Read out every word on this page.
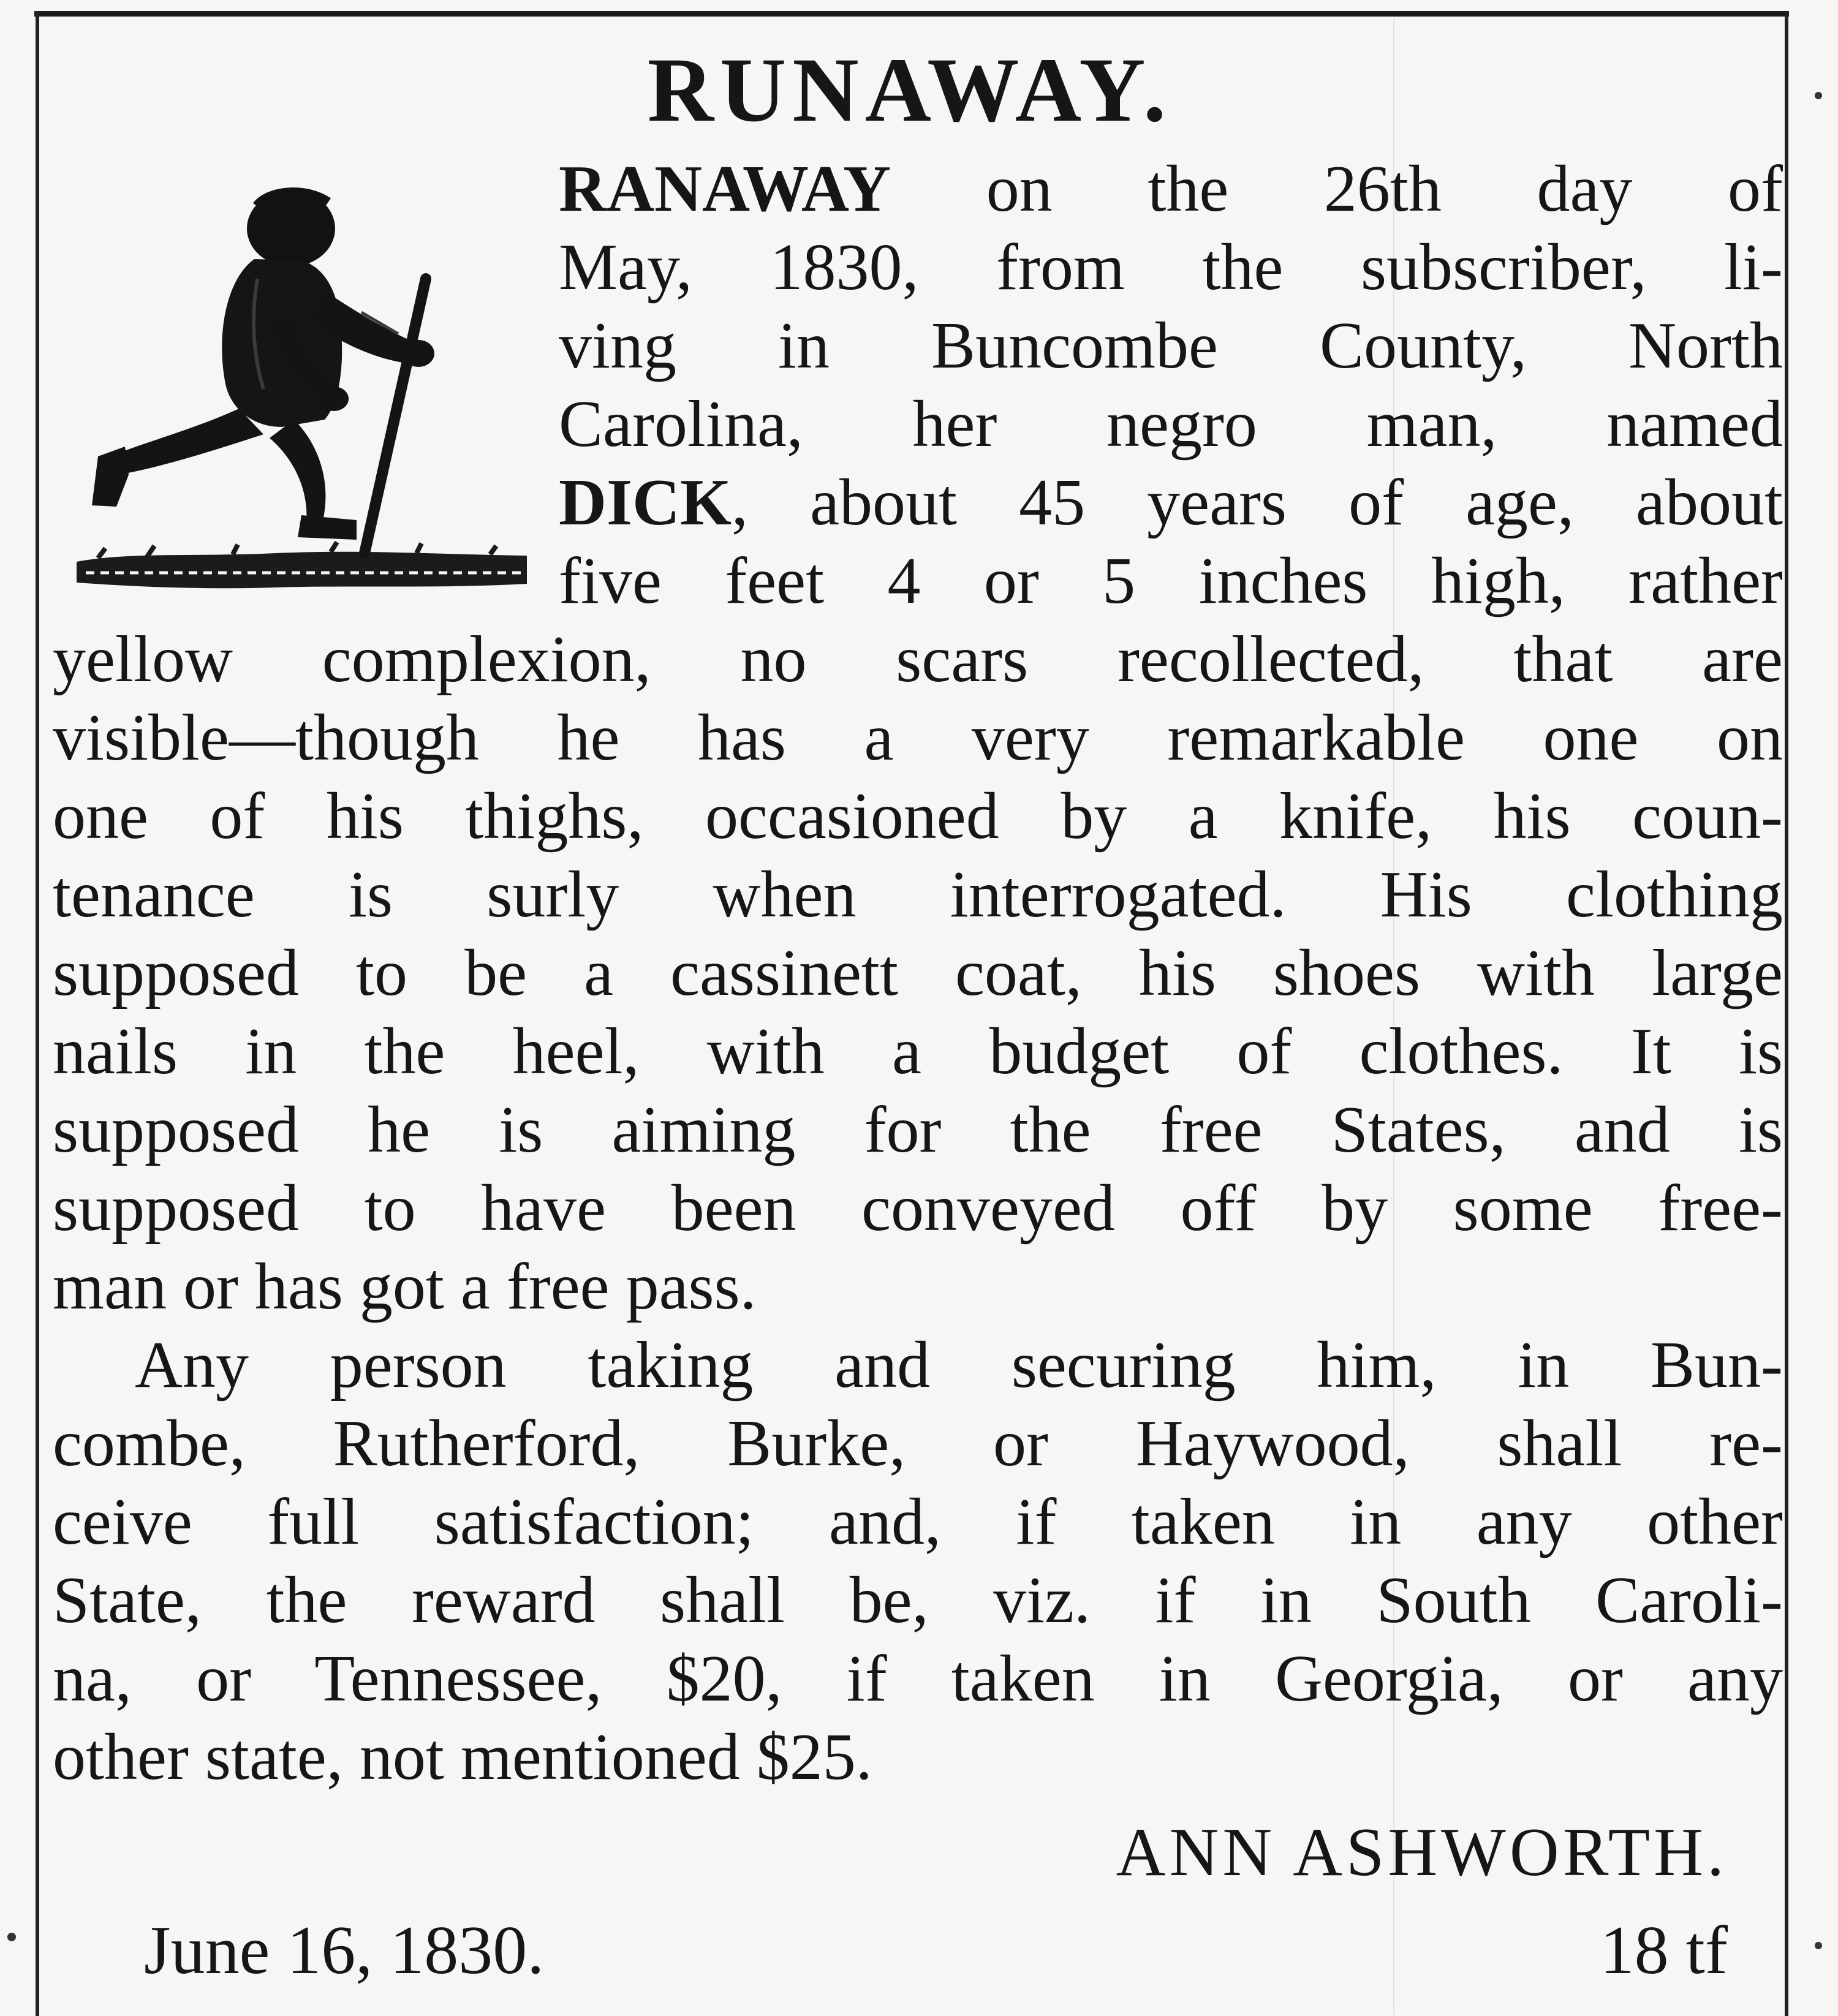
RUNAWAY.

RANAWAY on the 26th day of

May, 1830, from the subscriber, li-

ving in Buncombe County, North

Carolina, her negro man, named

DICK, about 45 years of age, about

five feet 4 or 5 inches high, rather

yellow complexion, no scars recollected, that are

visible—though he has a very remarkable one on

one of his thighs, occasioned by a knife, his coun-

tenance is surly when interrogated. His clothing

supposed to be a cassinett coat, his shoes with large

nails in the heel, with a budget of clothes. It is

supposed he is aiming for the free States, and is

supposed to have been conveyed off by some free-

man or has got a free pass.

Any person taking and securing him, in Bun-

combe, Rutherford, Burke, or Haywood, shall re-

ceive full satisfaction; and, if taken in any other

State, the reward shall be, viz. if in South Caroli-

na, or Tennessee, $20, if taken in Georgia, or any

other state, not mentioned $25.

ANN ASHWORTH.

June 16, 1830.	18 tf
